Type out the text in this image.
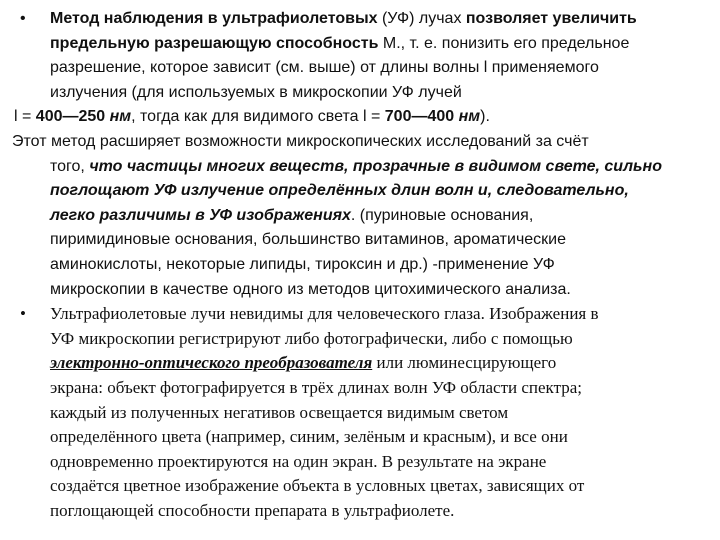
• Метод наблюдения в ультрафиолетовых (УФ) лучах позволяет увеличить
предельную разрешающую способность М., т. е. понизить его предельное
разрешение, которое зависит (см. выше) от длины волны l применяемого
излучения (для используемых в микроскопии УФ лучей
l = 400—250 нм, тогда как для видимого света l = 700—400 нм).
Этот метод расширяет возможности микроскопических исследований за счёт
того, что частицы многих веществ, прозрачные в видимом свете, сильно
поглощают УФ излучение определённых длин волн и, следовательно,
легко различимы в УФ изображениях. (пуриновые основания,
пиримидиновые основания, большинство витаминов, ароматические
аминокислоты, некоторые липиды, тироксин и др.) -применение УФ
микроскопии в качестве одного из методов цитохимического анализа.
• Ультрафиолетовые лучи невидимы для человеческого глаза. Изображения в
УФ микроскопии регистрируют либо фотографически, либо с помощью
электронно-оптического преобразователя или люминесцирующего
экрана: объект фотографируется в трёх длинах волн УФ области спектра;
каждый из полученных негативов освещается видимым светом
определённого цвета (например, синим, зелёным и красным), и все они
одновременно проектируются на один экран. В результате на экране
создаётся цветное изображение объекта в условных цветах, зависящих от
поглощающей способности препарата в ультрафиолете.
